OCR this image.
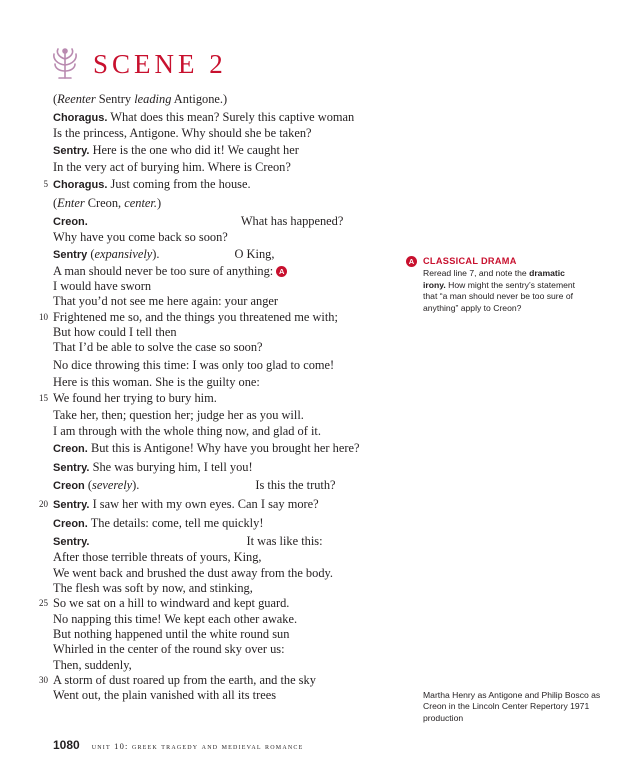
SCENE 2
(Reenter Sentry leading Antigone.)
Choragus. What does this mean? Surely this captive woman
Is the princess, Antigone. Why should she be taken?
Sentry. Here is the one who did it! We caught her
In the very act of burying him. Where is Creon?
5 Choragus. Just coming from the house.
(Enter Creon, center.)
Creon.	What has happened?
Why have you come back so soon?
Sentry (expansively).	O King,
A man should never be too sure of anything: A
I would have sworn
That you’d not see me here again: your anger
10 Frightened me so, and the things you threatened me with;
But how could I tell then
That I’d be able to solve the case so soon?
No dice throwing this time: I was only too glad to come!
Here is this woman. She is the guilty one:
15 We found her trying to bury him.
Take her, then; question her; judge her as you will.
I am through with the whole thing now, and glad of it.
Creon. But this is Antigone! Why have you brought her here?
Sentry. She was burying him, I tell you!
Creon (severely).	Is this the truth?
20 Sentry. I saw her with my own eyes. Can I say more?
Creon. The details: come, tell me quickly!
Sentry.	It was like this:
After those terrible threats of yours, King,
We went back and brushed the dust away from the body.
The flesh was soft by now, and stinking,
25 So we sat on a hill to windward and kept guard.
No napping this time! We kept each other awake.
But nothing happened until the white round sun
Whirled in the center of the round sky over us:
Then, suddenly,
30 A storm of dust roared up from the earth, and the sky
Went out, the plain vanished with all its trees
A CLASSICAL DRAMA
Reread line 7, and note the dramatic irony. How might the sentry’s statement that “a man should never be too sure of anything” apply to Creon?
Martha Henry as Antigone and Philip Bosco as Creon in the Lincoln Center Repertory 1971 production
1080 unit 10: greek tragedy and medieval romance
